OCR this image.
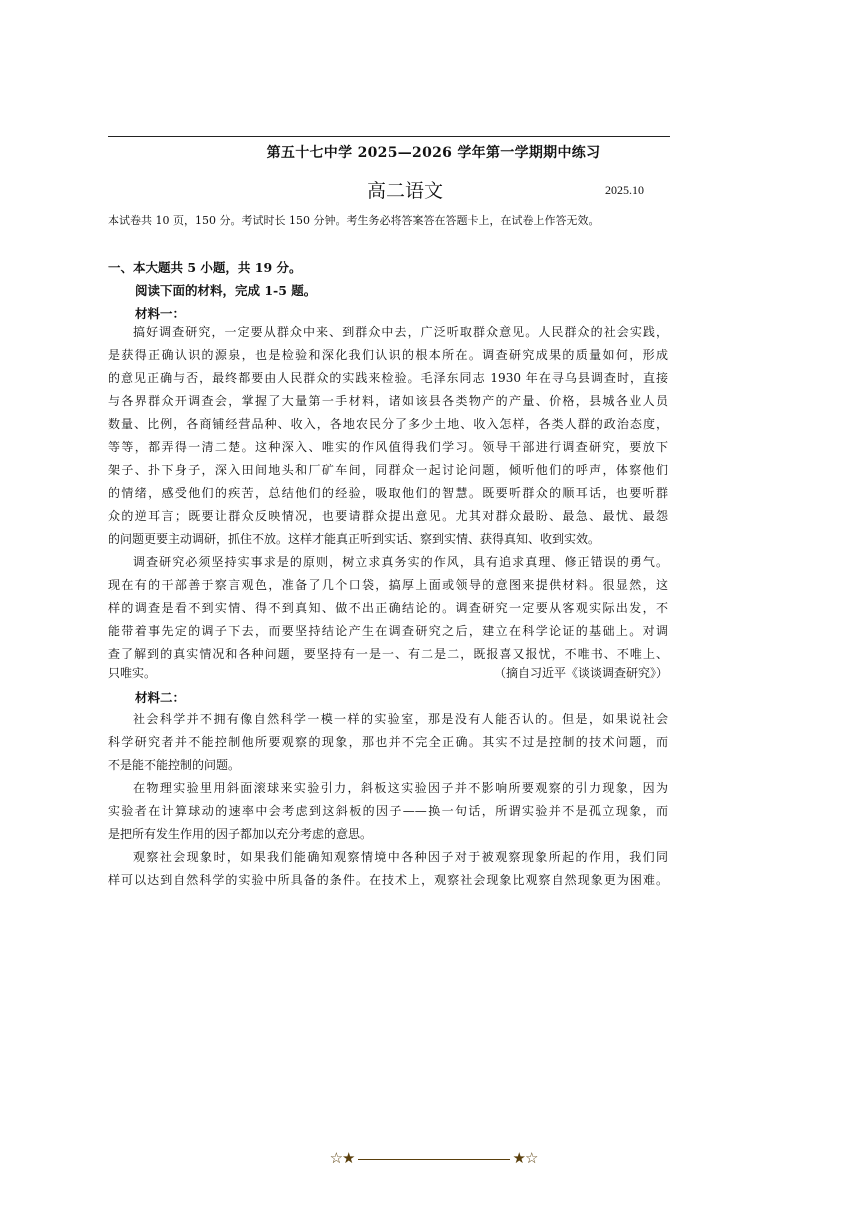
第五十七中学 2025—2026 学年第一学期期中练习
高二语文	2025.10
本试卷共 10 页，150 分。考试时长 150 分钟。考生务必将答案答在答题卡上，在试卷上作答无效。
一、本大题共 5 小题，共 19 分。
阅读下面的材料，完成 1-5 题。
材料一：
搞好调查研究，一定要从群众中来、到群众中去，广泛听取群众意见。人民群众的社会实践，
是获得正确认识的源泉，也是检验和深化我们认识的根本所在。调查研究成果的质量如何，形成
的意见正确与否，最终都要由人民群众的实践来检验。毛泽东同志 1930 年在寻乌县调查时，直接
与各界群众开调查会，掌握了大量第一手材料，诸如该县各类物产的产量、价格，县城各业人员
数量、比例，各商铺经营品种、收入，各地农民分了多少土地、收入怎样，各类人群的政治态度，
等等，都弄得一清二楚。这种深入、唯实的作风值得我们学习。领导干部进行调查研究，要放下
架子、扑下身子，深入田间地头和厂矿车间，同群众一起讨论问题，倾听他们的呼声，体察他们
的情绪，感受他们的疾苦，总结他们的经验，吸取他们的智慧。既要听群众的顺耳话，也要听群
众的逆耳言；既要让群众反映情况，也要请群众提出意见。尤其对群众最盼、最急、最忧、最怨
的问题更要主动调研，抓住不放。这样才能真正听到实话、察到实情、获得真知、收到实效。
调查研究必须坚持实事求是的原则，树立求真务实的作风，具有追求真理、修正错误的勇气。
现在有的干部善于察言观色，准备了几个口袋，搞厚上面或领导的意图来提供材料。很显然，这
样的调查是看不到实情、得不到真知、做不出正确结论的。调查研究一定要从客观实际出发，不
能带着事先定的调子下去，而要坚持结论产生在调查研究之后，建立在科学论证的基础上。对调
查了解到的真实情况和各种问题，要坚持有一是一、有二是二，既报喜又报忧，不唯书、不唯上、
只唯实。	（摘自习近平《谈谈调查研究》）
材料二：
社会科学并不拥有像自然科学一模一样的实验室，那是没有人能否认的。但是，如果说社会
科学研究者并不能控制他所要观察的现象，那也并不完全正确。其实不过是控制的技术问题，而
不是能不能控制的问题。
在物理实验里用斜面滚球来实验引力，斜板这实验因子并不影响所要观察的引力现象，因为
实验者在计算球动的速率中会考虑到这斜板的因子——换一句话，所谓实验并不是孤立现象，而
是把所有发生作用的因子都加以充分考虑的意思。
观察社会现象时，如果我们能确知观察情境中各种因子对于被观察现象所起的作用，我们同
样可以达到自然科学的实验中所具备的条件。在技术上，观察社会现象比观察自然现象更为困难。
☆★	★☆
